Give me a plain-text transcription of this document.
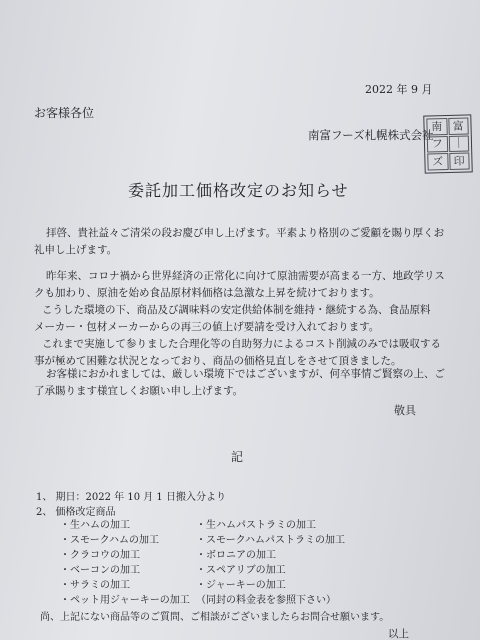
2022 年 9 月
お客様各位
南富フーズ札幌株式会社
南 富
フ ｜
ズ 印
委託加工価格改定のお知らせ
拝啓、貴社益々ご清栄の段お慶び申し上げます。平素より格別のご愛顧を賜り厚くお
礼申し上げます。
昨年来、コロナ禍から世界経済の正常化に向けて原油需要が高まる一方、地政学リス
クも加わり、原油を始め食品原材料価格は急激な上昇を続けております。
こうした環境の下、商品及び調味料の安定供給体制を維持・継続する為、食品原料
メーカー・包材メーカーからの再三の値上げ要請を受け入れております。
これまで実施して参りました合理化等の自助努力によるコスト削減のみでは吸収する
事が極めて困難な状況となっており、商品の価格見直しをさせて頂きました。
お客様におかれましては、厳しい環境下ではございますが、何卒事情ご賢察の上、ご
了承賜ります様宜しくお願い申し上げます。
敬具
記
1、 期日：2022 年 10 月 1 日搬入分より
2、 価格改定商品
・生ハムの加工
・スモークハムの加工
・クラコウの加工
・ベーコンの加工
・サラミの加工
・ペット用ジャーキーの加工
・生ハムパストラミの加工
・スモークハムパストラミの加工
・ボロニアの加工
・スペアリブの加工
・ジャーキーの加工
（同封の料金表を参照下さい）
尚、上記にない商品等のご質問、ご相談がございましたらお問合せ願います。
以上
